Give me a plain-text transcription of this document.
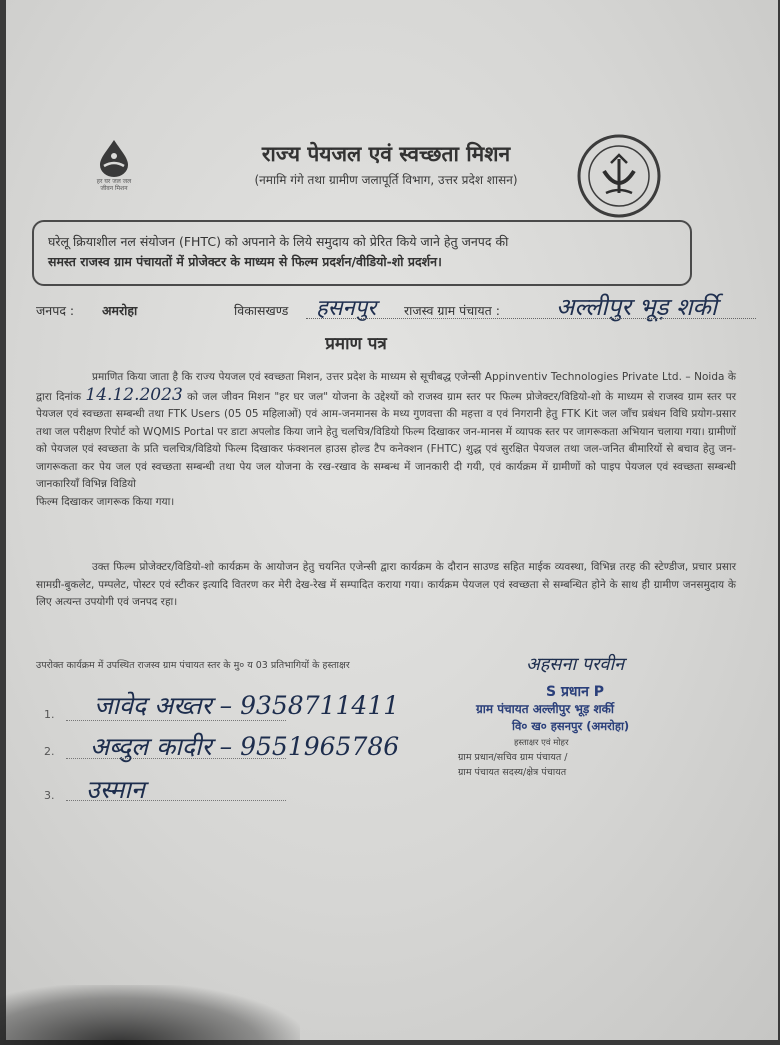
हर घर जल जल जीवन मिशन
राज्य पेयजल एवं स्वच्छता मिशन
(नमामि गंगे तथा ग्रामीण जलापूर्ति विभाग, उत्तर प्रदेश शासन)
घरेलू क्रियाशील नल संयोजन (FHTC) को अपनाने के लिये समुदाय को प्रेरित किये जाने हेतु जनपद की
समस्त राजस्व ग्राम पंचायतों में प्रोजेक्टर के माध्यम से फिल्म प्रदर्शन/वीडियो-शो प्रदर्शन।
जनपद : अमरोहा	विकासखण्ड हसनपुर राजस्व ग्राम पंचायत : अल्लीपुर भूड़ शर्की
प्रमाण पत्र

प्रमाणित किया जाता है कि राज्य पेयजल एवं स्वच्छता मिशन, उत्तर प्रदेश के माध्यम से सूचीबद्ध एजेन्सी Appinventiv Technologies Private Ltd. – Noida के द्वारा दिनांक 14.12.2023 को जल जीवन मिशन "हर घर जल" योजना के उद्देश्यों को राजस्व ग्राम स्तर पर फिल्म प्रोजेक्टर/विडियो-शो के माध्यम से राजस्व ग्राम स्तर पर पेयजल एवं स्वच्छता सम्बन्धी तथा FTK Users (05 05 महिलाओं) एवं आम-जनमानस के मध्य गुणवत्ता की महत्ता व एवं निगरानी हेतु FTK Kit जल जाँच प्रबंधन विधि प्रयोग-प्रसार तथा जल परीक्षण रिपोर्ट को WQMIS Portal पर डाटा अपलोड किया जाने हेतु चलचित्र/विडियो फिल्म दिखाकर जन-मानस में व्यापक स्तर पर जागरूकता अभियान चलाया गया। ग्रामीणों को पेयजल एवं स्वच्छता के प्रति चलचित्र/विडियो फिल्म दिखाकर फंक्शनल हाउस होल्ड टैप कनेक्शन (FHTC) शुद्ध एवं सुरक्षित पेयजल तथा जल-जनित बीमारियों से बचाव हेतु जन-जागरूकता कर पेय जल एवं स्वच्छता सम्बन्धी तथा पेय जल योजना के रख-रखाव के सम्बन्ध में जानकारी दी गयी, एवं कार्यक्रम में ग्रामीणों को पाइप पेयजल एवं स्वच्छता सम्बन्धी जानकारियाँ विभिन्न विडियो

फिल्म दिखाकर जागरूक किया गया।

उक्त फिल्म प्रोजेक्टर/विडियो-शो कार्यक्रम के आयोजन हेतु चयनित एजेन्सी द्वारा कार्यक्रम के दौरान साउण्ड सहित माईक व्यवस्था, विभिन्न तरह की स्टेण्डीज, प्रचार प्रसार सामग्री-बुकलेट, पम्पलेट, पोस्टर एवं स्टीकर इत्यादि वितरण कर मेरी देख-रेख में सम्पादित कराया गया। कार्यक्रम पेयजल एवं स्वच्छता से सम्बन्धित होने के साथ ही ग्रामीण जनसमुदाय के लिए अत्यन्त उपयोगी एवं जनपद रहा।

उपरोक्त कार्यक्रम में उपस्थित राजस्व ग्राम पंचायत स्तर के मु० य 03 प्रतिभागियों के हस्ताक्षर
1. जावेद अख्तर – 9358711411
2. अब्दुल कादीर – 9551965786
3. उस्मान
अहसना परवीन
S प्रधान P
ग्राम पंचायत अल्लीपुर भूड़ शर्की
वि० ख० हसनपुर (अमरोहा)
हस्ताक्षर एवं मोहर
ग्राम प्रधान/सचिव ग्राम पंचायत /
ग्राम पंचायत सदस्य/क्षेत्र पंचायत
